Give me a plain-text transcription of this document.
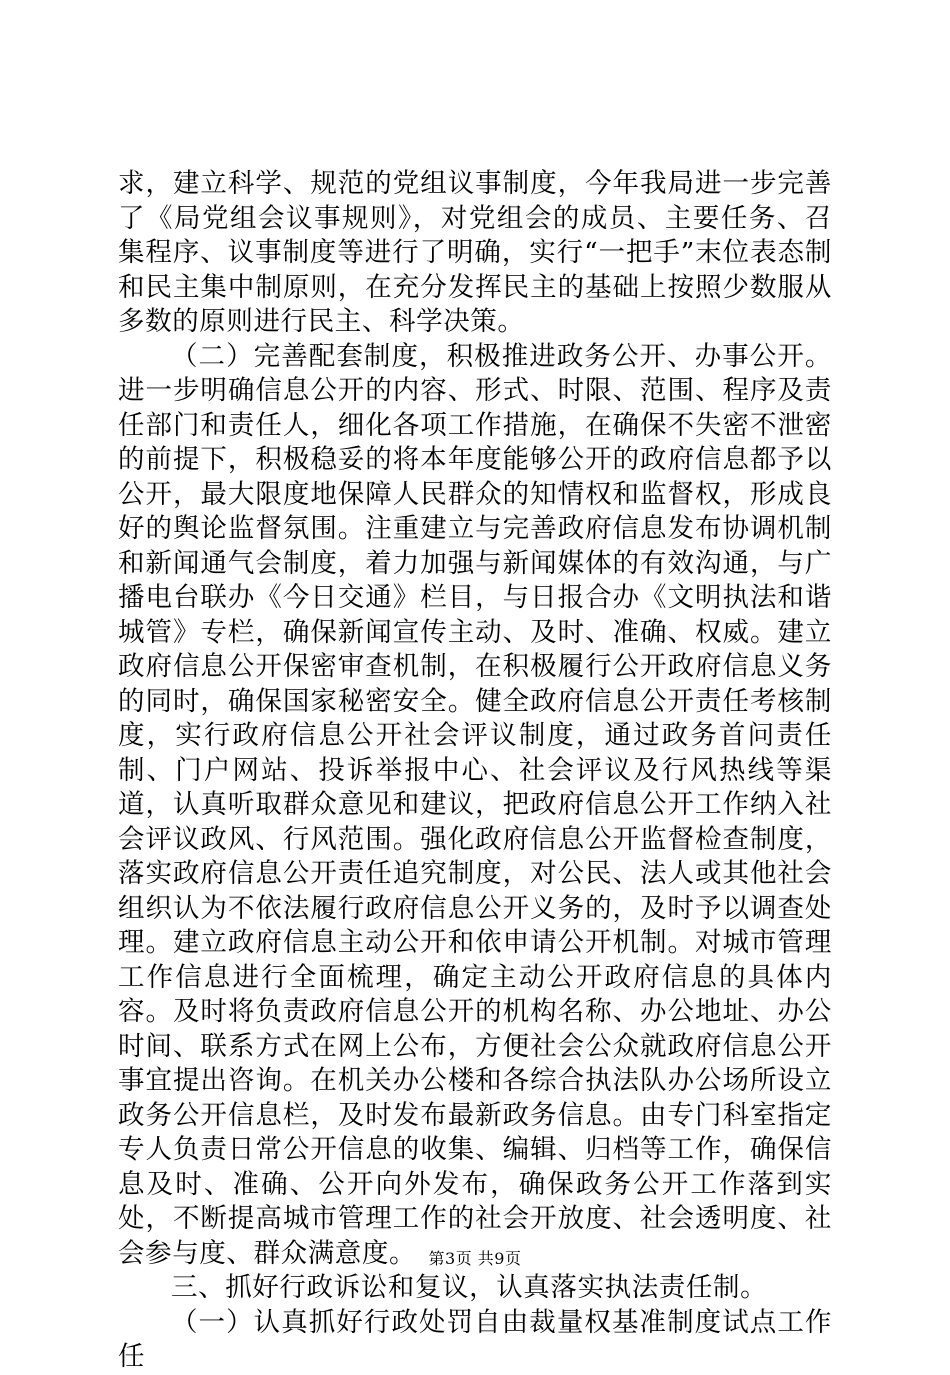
求，建立科学、规范的党组议事制度，今年我局进一步完善了《局党组会议事规则》，对党组会的成员、主要任务、召集程序、议事制度等进行了明确，实行“一把手”末位表态制和民主集中制原则，在充分发挥民主的基础上按照少数服从多数的原则进行民主、科学决策。

（二）完善配套制度，积极推进政务公开、办事公开。进一步明确信息公开的内容、形式、时限、范围、程序及责任部门和责任人，细化各项工作措施，在确保不失密不泄密的前提下，积极稳妥的将本年度能够公开的政府信息都予以公开，最大限度地保障人民群众的知情权和监督权，形成良好的舆论监督氛围。注重建立与完善政府信息发布协调机制和新闻通气会制度，着力加强与新闻媒体的有效沟通，与广播电台联办《今日交通》栏目，与日报合办《文明执法和谐城管》专栏，确保新闻宣传主动、及时、准确、权威。建立政府信息公开保密审查机制，在积极履行公开政府信息义务的同时，确保国家秘密安全。健全政府信息公开责任考核制度，实行政府信息公开社会评议制度，通过政务首问责任制、门户网站、投诉举报中心、社会评议及行风热线等渠道，认真听取群众意见和建议，把政府信息公开工作纳入社会评议政风、行风范围。强化政府信息公开监督检查制度，落实政府信息公开责任追究制度，对公民、法人或其他社会组织认为不依法履行政府信息公开义务的，及时予以调查处理。建立政府信息主动公开和依申请公开机制。对城市管理工作信息进行全面梳理，确定主动公开政府信息的具体内容。及时将负责政府信息公开的机构名称、办公地址、办公时间、联系方式在网上公布，方便社会公众就政府信息公开事宜提出咨询。在机关办公楼和各综合执法队办公场所设立政务公开信息栏，及时发布最新政务信息。由专门科室指定专人负责日常公开信息的收集、编辑、归档等工作，确保信息及时、准确、公开向外发布，确保政务公开工作落到实处，不断提高城市管理工作的社会开放度、社会透明度、社会参与度、群众满意度。

三、抓好行政诉讼和复议，认真落实执法责任制。

（一）认真抓好行政处罚自由裁量权基准制度试点工作任

第3页 共9页
